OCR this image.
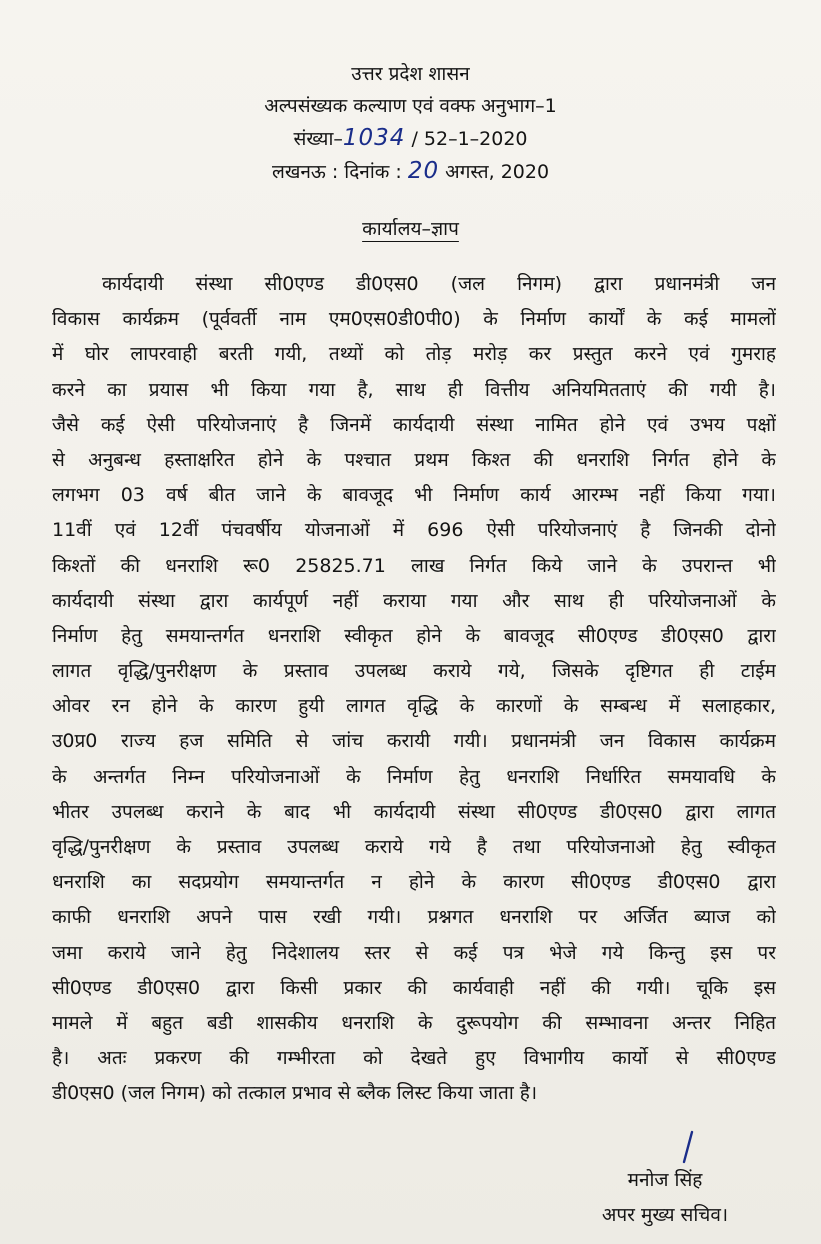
उत्तर प्रदेश शासन
अल्पसंख्यक कल्याण एवं वक्फ अनुभाग–1
संख्या–1034 / 52–1–2020
लखनऊ : दिनांक : 20 अगस्त, 2020
कार्यालय–ज्ञाप
कार्यदायी संस्था सी0एण्ड डी0एस0 (जल निगम) द्वारा प्रधानमंत्री जन
विकास कार्यक्रम (पूर्ववर्ती नाम एम0एस0डी0पी0) के निर्माण कार्यों के कई मामलों
में घोर लापरवाही बरती गयी, तथ्यों को तोड़ मरोड़ कर प्रस्तुत करने एवं गुमराह
करने का प्रयास भी किया गया है, साथ ही वित्तीय अनियमितताएं की गयी है।
जैसे कई ऐसी परियोजनाएं है जिनमें कार्यदायी संस्था नामित होने एवं उभय पक्षों
से अनुबन्ध हस्ताक्षरित होने के पश्चात प्रथम किश्त की धनराशि निर्गत होने के
लगभग 03 वर्ष बीत जाने के बावजूद भी निर्माण कार्य आरम्भ नहीं किया गया।
11वीं एवं 12वीं पंचवर्षीय योजनाओं में 696 ऐसी परियोजनाएं है जिनकी दोनो
किश्तों की धनराशि रू0 25825.71 लाख निर्गत किये जाने के उपरान्त भी
कार्यदायी संस्था द्वारा कार्यपूर्ण नहीं कराया गया और साथ ही परियोजनाओं के
निर्माण हेतु समयान्तर्गत धनराशि स्वीकृत होने के बावजूद सी0एण्ड डी0एस0 द्वारा
लागत वृद्धि/पुनरीक्षण के प्रस्ताव उपलब्ध कराये गये, जिसके दृष्टिगत ही टाईम
ओवर रन होने के कारण हुयी लागत वृद्धि के कारणों के सम्बन्ध में सलाहकार,
उ0प्र0 राज्य हज समिति से जांच करायी गयी। प्रधानमंत्री जन विकास कार्यक्रम
के अन्तर्गत निम्न परियोजनाओं के निर्माण हेतु धनराशि निर्धारित समयावधि के
भीतर उपलब्ध कराने के बाद भी कार्यदायी संस्था सी0एण्ड डी0एस0 द्वारा लागत
वृद्धि/पुनरीक्षण के प्रस्ताव उपलब्ध कराये गये है तथा परियोजनाओ हेतु स्वीकृत
धनराशि का सदप्रयोग समयान्तर्गत न होने के कारण सी0एण्ड डी0एस0 द्वारा
काफी धनराशि अपने पास रखी गयी। प्रश्नगत धनराशि पर अर्जित ब्याज को
जमा कराये जाने हेतु निदेशालय स्तर से कई पत्र भेजे गये किन्तु इस पर
सी0एण्ड डी0एस0 द्वारा किसी प्रकार की कार्यवाही नहीं की गयी। चूकि इस
मामले में बहुत बडी शासकीय धनराशि के दुरूपयोग की सम्भावना अन्तर निहित
है। अतः प्रकरण की गम्भीरता को देखते हुए विभागीय कार्यो से सी0एण्ड
डी0एस0 (जल निगम) को तत्काल प्रभाव से ब्लैक लिस्ट किया जाता है।
मनोज सिंह
अपर मुख्य सचिव।
